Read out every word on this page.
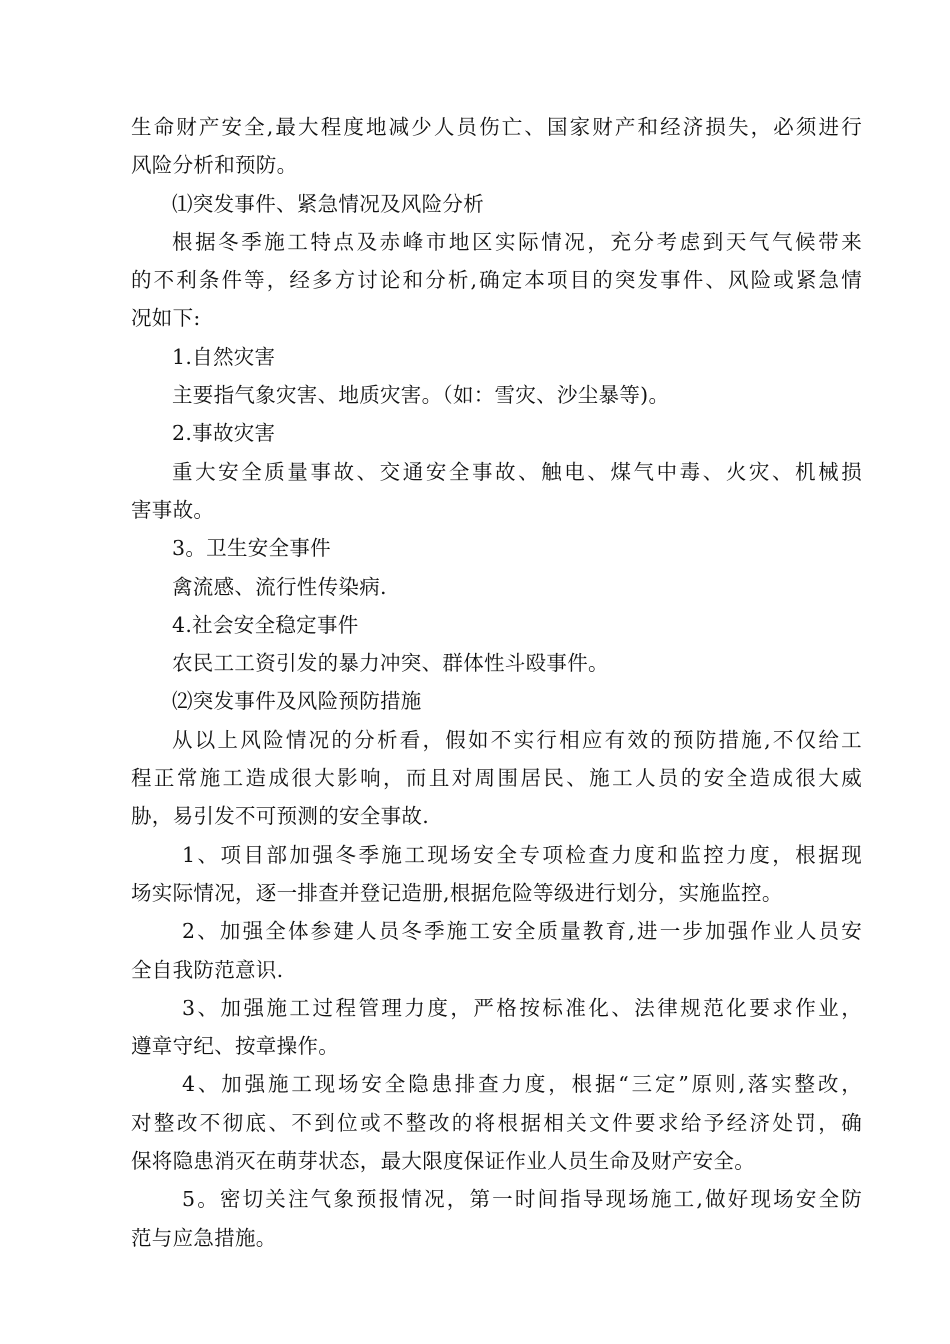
生命财产安全,最大程度地减少人员伤亡、国家财产和经济损失，必须进行
风险分析和预防。
⑴突发事件、紧急情况及风险分析
根据冬季施工特点及赤峰市地区实际情况，充分考虑到天气气候带来
的不利条件等，经多方讨论和分析,确定本项目的突发事件、风险或紧急情
况如下:
1.自然灾害
主要指气象灾害、地质灾害。（如：雪灾、沙尘暴等)。
2.事故灾害
重大安全质量事故、交通安全事故、触电、煤气中毒、火灾、机械损
害事故。
3。卫生安全事件
禽流感、流行性传染病.
4.社会安全稳定事件
农民工工资引发的暴力冲突、群体性斗殴事件。
⑵突发事件及风险预防措施
从以上风险情况的分析看，假如不实行相应有效的预防措施,不仅给工
程正常施工造成很大影响，而且对周围居民、施工人员的安全造成很大威
胁，易引发不可预测的安全事故.
1、项目部加强冬季施工现场安全专项检查力度和监控力度，根据现
场实际情况，逐一排查并登记造册,根据危险等级进行划分，实施监控。
2、加强全体参建人员冬季施工安全质量教育,进一步加强作业人员安
全自我防范意识.
3、加强施工过程管理力度，严格按标准化、法律规范化要求作业，
遵章守纪、按章操作。
4、加强施工现场安全隐患排查力度，根据“三定”原则,落实整改，
对整改不彻底、不到位或不整改的将根据相关文件要求给予经济处罚，确
保将隐患消灭在萌芽状态，最大限度保证作业人员生命及财产安全。
5。密切关注气象预报情况，第一时间指导现场施工,做好现场安全防
范与应急措施。
